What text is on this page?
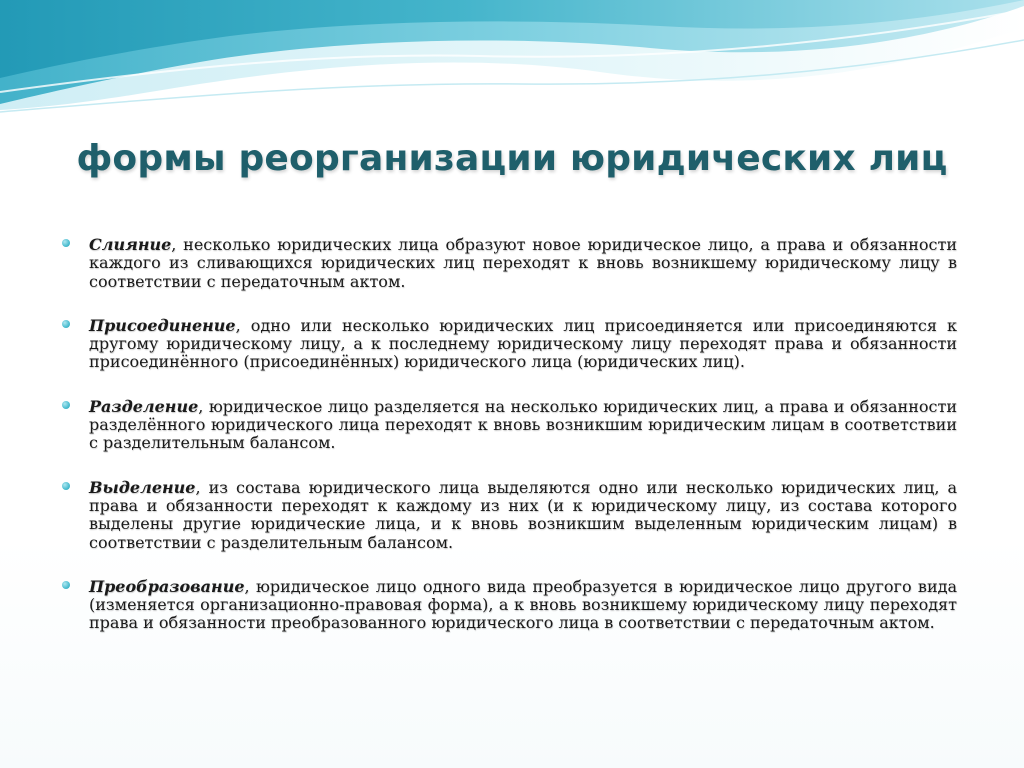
формы реорганизации юридических лиц
Слияние, несколько юридических лица образуют новое юридическое лицо, а права и обязанности каждого из сливающихся юридических лиц переходят к вновь возникшему юридическому лицу в соответствии с передаточным актом.
Присоединение, одно или несколько юридических лиц присоединяется или присоединяются к другому юридическому лицу, а к последнему юридическому лицу переходят права и обязанности присоединённого (присоединённых) юридического лица (юридических лиц).
Разделение, юридическое лицо разделяется на несколько юридических лиц, а права и обязанности разделённого юридического лица переходят к вновь возникшим юридическим лицам в соответствии с разделительным балансом.
Выделение, из состава юридического лица выделяются одно или несколько юридических лиц, а права и обязанности переходят к каждому из них (и к юридическому лицу, из состава которого выделены другие юридические лица, и к вновь возникшим выделенным юридическим лицам) в соответствии с разделительным балансом.
Преобразование, юридическое лицо одного вида преобразуется в юридическое лицо другого вида (изменяется организационно-правовая форма), а к вновь возникшему юридическому лицу переходят права и обязанности преобразованного юридического лица в соответствии с передаточным актом.
